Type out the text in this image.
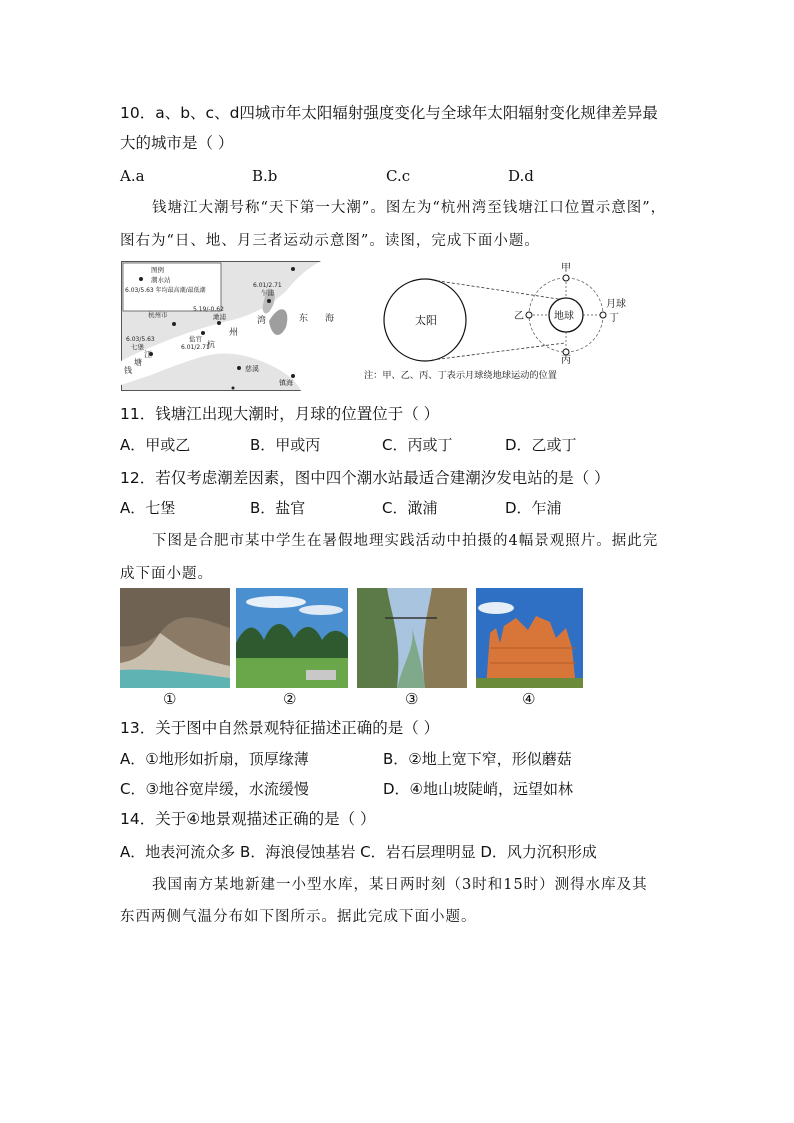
10．a、b、c、d四城市年太阳辐射强度变化与全球年太阳辐射变化规律差异最
大的城市是（ ）
A.a	B.b	C.c	D.d
钱塘江大潮号称“天下第一大潮”。图左为“杭州湾至钱塘江口位置示意图”，
图右为“日、地、月三者运动示意图”。读图，完成下面小题。
图例
潮水站
6.03/5.63 年均最高潮/最低潮
杭州市
6.03/5.63
七堡
盐官
6.01/2.71
5.19/-0.62
澉浦
6.01/2.71
乍浦
州
湾
杭
东 海
慈溪
镇海
钱
塘
江
太阳	地球
甲
乙
丙
月球
丁
注：甲、乙、丙、丁表示月球绕地球运动的位置
11．钱塘江出现大潮时，月球的位置位于（ ）
A．甲或乙	B．甲或丙	C．丙或丁	D．乙或丁
12．若仅考虑潮差因素，图中四个潮水站最适合建潮汐发电站的是（ ）
A．七堡	B．盐官	C．澉浦	D．乍浦
下图是合肥市某中学生在暑假地理实践活动中拍摄的4幅景观照片。据此完
成下面小题。
①	②	③	④
13．关于图中自然景观特征描述正确的是（ ）
A．①地形如折扇，顶厚缘薄	B．②地上宽下窄，形似蘑菇
C．③地谷宽岸缓，水流缓慢	D．④地山坡陡峭，远望如林
14．关于④地景观描述正确的是（ ）
A．地表河流众多 B．海浪侵蚀基岩 C．岩石层理明显 D．风力沉积形成
我国南方某地新建一小型水库，某日两时刻（3时和15时）测得水库及其
东西两侧气温分布如下图所示。据此完成下面小题。
